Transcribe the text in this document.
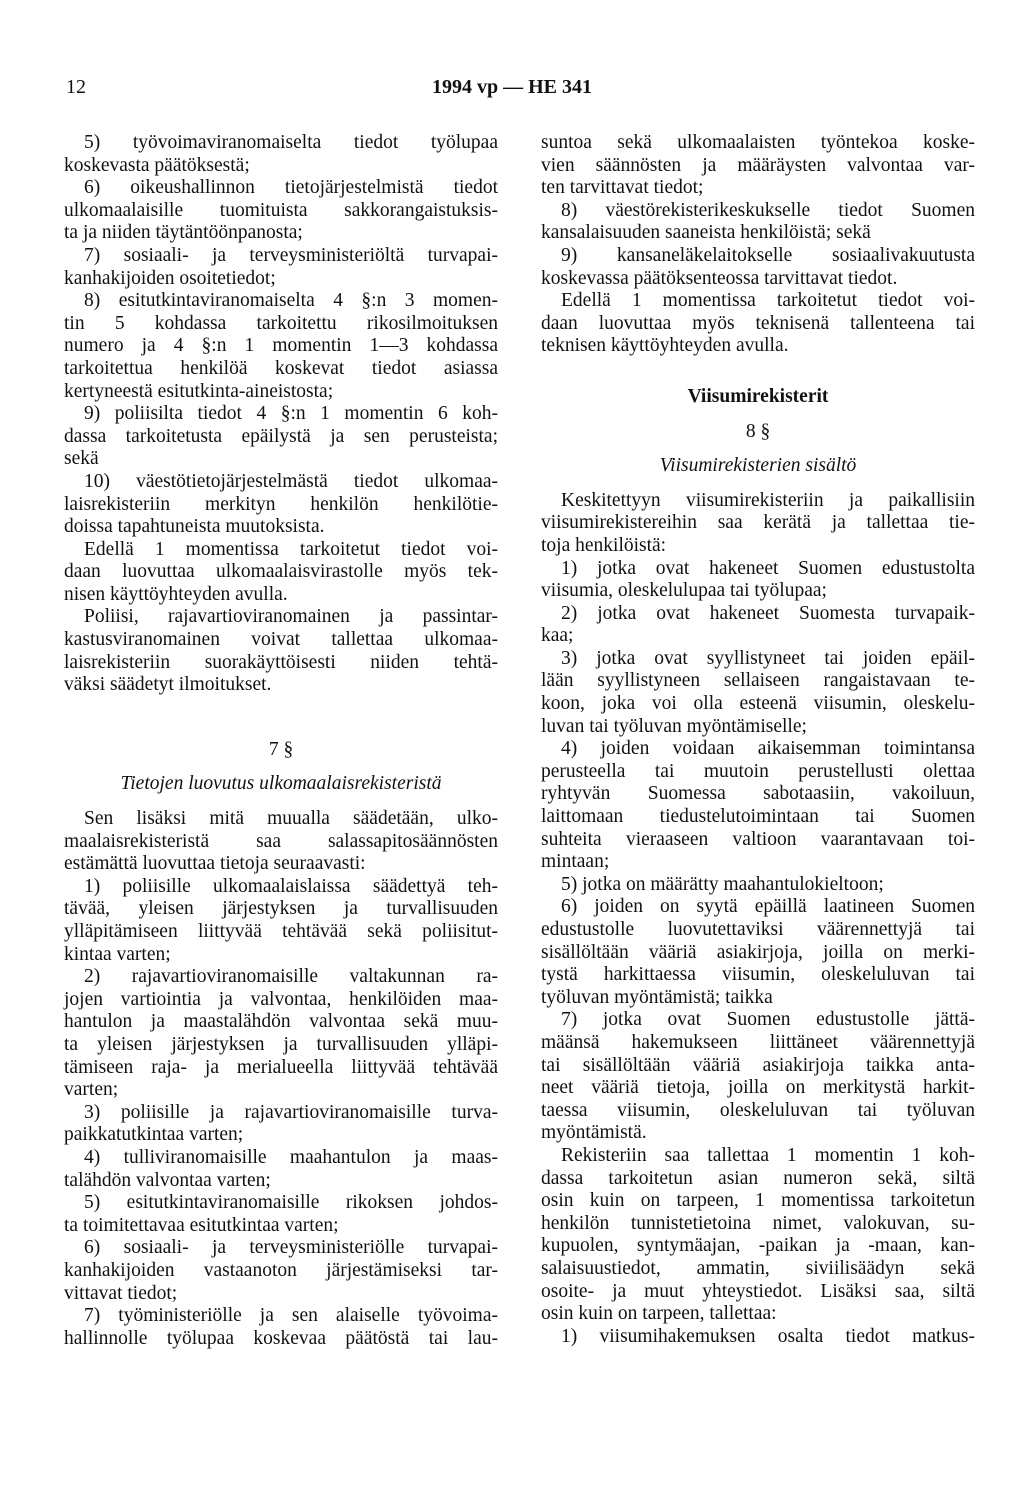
12	1994 vp — HE 341
5) työvoimaviranomaiselta tiedot työlupaa
koskevasta päätöksestä;
6) oikeushallinnon tietojärjestelmistä tiedot
ulkomaalaisille tuomituista sakkorangaistuksis-
ta ja niiden täytäntöönpanosta;
7) sosiaali- ja terveysministeriöltä turvapai-
kanhakijoiden osoitetiedot;
8) esitutkintaviranomaiselta 4 §:n 3 momen-
tin 5 kohdassa tarkoitettu rikosilmoituksen
numero ja 4 §:n 1 momentin 1—3 kohdassa
tarkoitettua henkilöä koskevat tiedot asiassa
kertyneestä esitutkinta-aineistosta;
9) poliisilta tiedot 4 §:n 1 momentin 6 koh-
dassa tarkoitetusta epäilystä ja sen perusteista;
sekä
10) väestötietojärjestelmästä tiedot ulkomaa-
laisrekisteriin merkityn henkilön henkilötie-
doissa tapahtuneista muutoksista.
Edellä 1 momentissa tarkoitetut tiedot voi-
daan luovuttaa ulkomaalaisvirastolle myös tek-
nisen käyttöyhteyden avulla.
Poliisi, rajavartioviranomainen ja passintar-
kastusviranomainen voivat tallettaa ulkomaa-
laisrekisteriin suorakäyttöisesti niiden tehtä-
väksi säädetyt ilmoitukset.
7 §
Tietojen luovutus ulkomaalaisrekisteristä
Sen lisäksi mitä muualla säädetään, ulko-
maalaisrekisteristä saa salassapitosäännösten
estämättä luovuttaa tietoja seuraavasti:
1) poliisille ulkomaalaislaissa säädettyä teh-
tävää, yleisen järjestyksen ja turvallisuuden
ylläpitämiseen liittyvää tehtävää sekä poliisitut-
kintaa varten;
2) rajavartioviranomaisille valtakunnan ra-
jojen vartiointia ja valvontaa, henkilöiden maa-
hantulon ja maastalähdön valvontaa sekä muu-
ta yleisen järjestyksen ja turvallisuuden ylläpi-
tämiseen raja- ja merialueella liittyvää tehtävää
varten;
3) poliisille ja rajavartioviranomaisille turva-
paikkatutkintaa varten;
4) tulliviranomaisille maahantulon ja maas-
talähdön valvontaa varten;
5) esitutkintaviranomaisille rikoksen johdos-
ta toimitettavaa esitutkintaa varten;
6) sosiaali- ja terveysministeriölle turvapai-
kanhakijoiden vastaanoton järjestämiseksi tar-
vittavat tiedot;
7) työministeriölle ja sen alaiselle työvoima-
hallinnolle työlupaa koskevaa päätöstä tai lau-
suntoa sekä ulkomaalaisten työntekoa koske-
vien säännösten ja määräysten valvontaa var-
ten tarvittavat tiedot;
8) väestörekisterikeskukselle tiedot Suomen
kansalaisuuden saaneista henkilöistä; sekä
9) kansaneläkelaitokselle sosiaalivakuutusta
koskevassa päätöksenteossa tarvittavat tiedot.
Edellä 1 momentissa tarkoitetut tiedot voi-
daan luovuttaa myös teknisenä tallenteena tai
teknisen käyttöyhteyden avulla.
Viisumirekisterit
8 §
Viisumirekisterien sisältö
Keskitettyyn viisumirekisteriin ja paikallisiin
viisumirekistereihin saa kerätä ja tallettaa tie-
toja henkilöistä:
1) jotka ovat hakeneet Suomen edustustolta
viisumia, oleskelulupaa tai työlupaa;
2) jotka ovat hakeneet Suomesta turvapaik-
kaa;
3) jotka ovat syyllistyneet tai joiden epäil-
lään syyllistyneen sellaiseen rangaistavaan te-
koon, joka voi olla esteenä viisumin, oleskelu-
luvan tai työluvan myöntämiselle;
4) joiden voidaan aikaisemman toimintansa
perusteella tai muutoin perustellusti olettaa
ryhtyvän Suomessa sabotaasiin, vakoiluun,
laittomaan tiedustelutoimintaan tai Suomen
suhteita vieraaseen valtioon vaarantavaan toi-
mintaan;
5) jotka on määrätty maahantulokieltoon;
6) joiden on syytä epäillä laatineen Suomen
edustustolle luovutettaviksi väärennettyjä tai
sisällöltään vääriä asiakirjoja, joilla on merki-
tystä harkittaessa viisumin, oleskeluluvan tai
työluvan myöntämistä; taikka
7) jotka ovat Suomen edustustolle jättä-
määnsä hakemukseen liittäneet väärennettyjä
tai sisällöltään vääriä asiakirjoja taikka anta-
neet vääriä tietoja, joilla on merkitystä harkit-
taessa viisumin, oleskeluluvan tai työluvan
myöntämistä.
Rekisteriin saa tallettaa 1 momentin 1 koh-
dassa tarkoitetun asian numeron sekä, siltä
osin kuin on tarpeen, 1 momentissa tarkoitetun
henkilön tunnistetietoina nimet, valokuvan, su-
kupuolen, syntymäajan, -paikan ja -maan, kan-
salaisuustiedot, ammatin, siviilisäädyn sekä
osoite- ja muut yhteystiedot. Lisäksi saa, siltä
osin kuin on tarpeen, tallettaa:
1) viisumihakemuksen osalta tiedot matkus-
